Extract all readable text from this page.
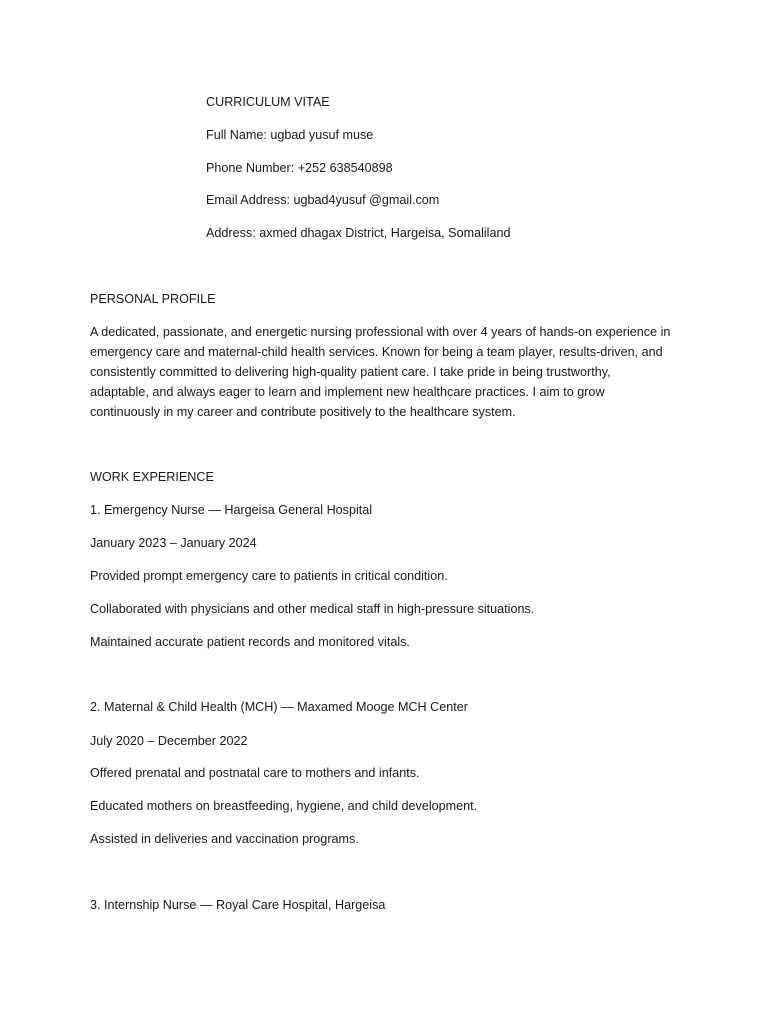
CURRICULUM VITAE

Full Name: ugbad yusuf muse

Phone Number: +252 638540898

Email Address: ugbad4yusuf @gmail.com

Address: axmed dhagax District, Hargeisa, Somaliland

PERSONAL PROFILE

A dedicated, passionate, and energetic nursing professional with over 4 years of hands-on experience in

emergency care and maternal-child health services. Known for being a team player, results-driven, and

consistently committed to delivering high-quality patient care. I take pride in being trustworthy,

adaptable, and always eager to learn and implement new healthcare practices. I aim to grow

continuously in my career and contribute positively to the healthcare system.

WORK EXPERIENCE

1. Emergency Nurse — Hargeisa General Hospital

January 2023 – January 2024

Provided prompt emergency care to patients in critical condition.

Collaborated with physicians and other medical staff in high-pressure situations.

Maintained accurate patient records and monitored vitals.

2. Maternal & Child Health (MCH) — Maxamed Mooge MCH Center

July 2020 – December 2022

Offered prenatal and postnatal care to mothers and infants.

Educated mothers on breastfeeding, hygiene, and child development.

Assisted in deliveries and vaccination programs.

3. Internship Nurse — Royal Care Hospital, Hargeisa
